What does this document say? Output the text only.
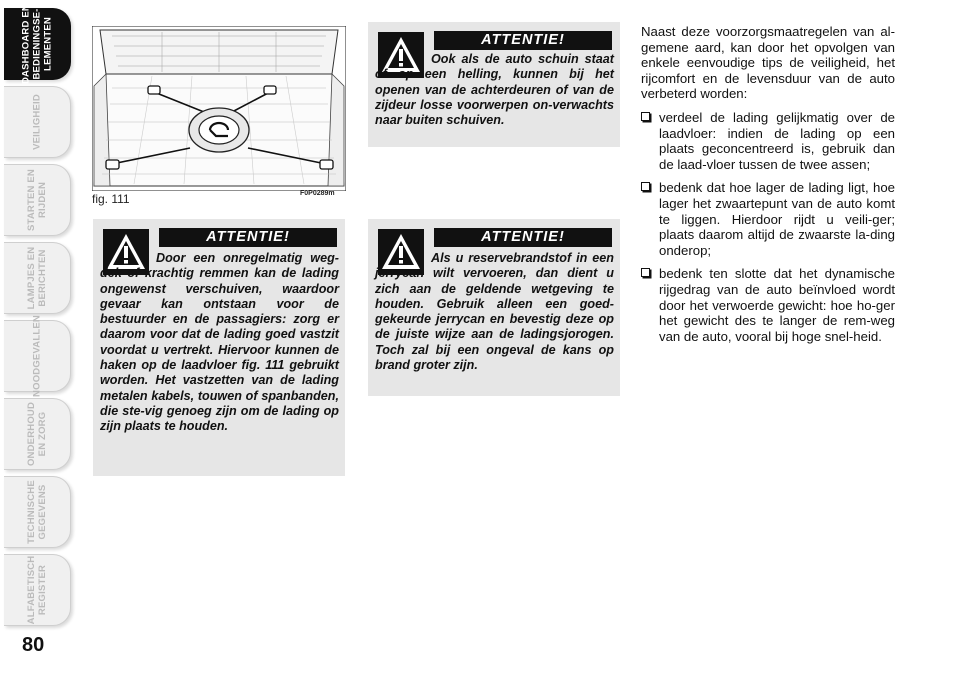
DASHBOARD EN
BEDIENINGSE-
LEMENTEN
VEILIGHEID
STARTEN EN
RIJDEN
LAMPJES EN
BERICHTEN
NOODGEVALLEN
ONDERHOUD
EN ZORG
TECHNISCHE
GEGEVENS
ALFABETISCH
REGISTER
80
fig. 111	F0P0289m
ATTENTIE!
Door een onregelmatig weg-dek of krachtig remmen kan de lading ongewenst verschuiven, waardoor gevaar kan ontstaan voor de bestuurder en de passagiers: zorg er daarom voor dat de lading goed vastzit voordat u vertrekt. Hiervoor kunnen de haken op de laadvloer fig. 111 gebruikt worden. Het vastzetten van de lading metalen kabels, touwen of spanbanden, die ste-vig genoeg zijn om de lading op zijn plaats te houden.
ATTENTIE!
Ook als de auto schuin staat of op een helling, kunnen bij het openen van de achterdeuren of van de zijdeur losse voorwerpen on-verwachts naar buiten schuiven.
ATTENTIE!
Als u reservebrandstof in een jerrycan wilt vervoeren, dan dient u zich aan de geldende wetgeving te houden. Gebruik alleen een goed-gekeurde jerrycan en bevestig deze op de juiste wijze aan de ladingsjorogen. Toch zal bij een ongeval de kans op brand groter zijn.

Naast deze voorzorgsmaatregelen van al-gemene aard, kan door het opvolgen van enkele eenvoudige tips de veiligheid, het rijcomfort en de levensduur van de auto verbeterd worden:

verdeel de lading gelijkmatig over de laadvloer: indien de lading op een plaats geconcentreerd is, gebruik dan de laad-vloer tussen de twee assen;
bedenk dat hoe lager de lading ligt, hoe lager het zwaartepunt van de auto komt te liggen. Hierdoor rijdt u veili-ger; plaats daarom altijd de zwaarste la-ding onderop;
bedenk ten slotte dat het dynamische rijgedrag van de auto beïnvloed wordt door het verwoerde gewicht: hoe ho-ger het gewicht des te langer de rem-weg van de auto, vooral bij hoge snel-heid.
